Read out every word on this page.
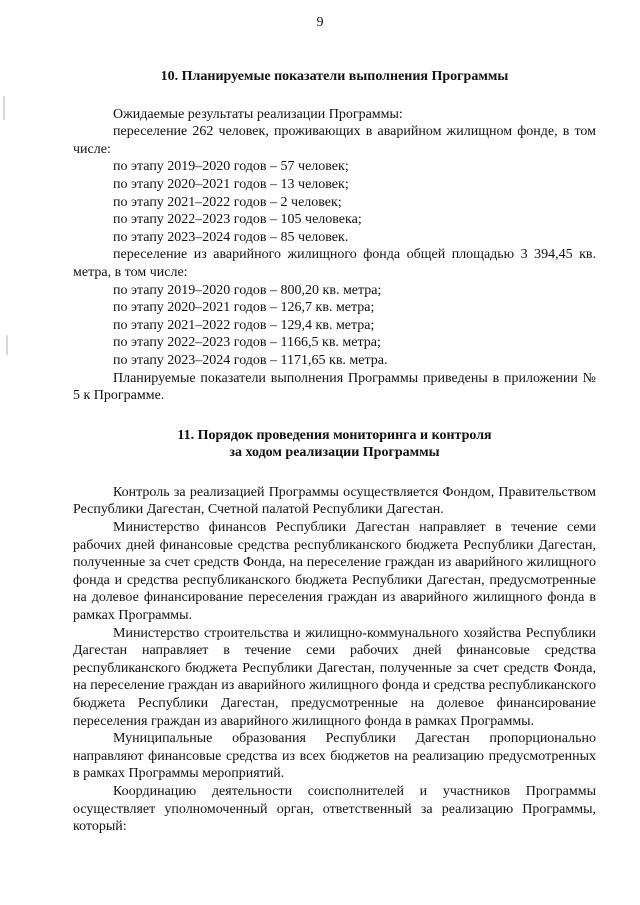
9

10. Планируемые показатели выполнения Программы

Ожидаемые результаты реализации Программы:

переселение 262 человек, проживающих в аварийном жилищном фонде, в том числе:

по этапу 2019–2020 годов – 57 человек;

по этапу 2020–2021 годов – 13 человек;

по этапу 2021–2022 годов – 2 человек;

по этапу 2022–2023 годов – 105 человека;

по этапу 2023–2024 годов – 85 человек.

переселение из аварийного жилищного фонда общей площадью 3 394,45 кв. метра, в том числе:

по этапу 2019–2020 годов – 800,20 кв. метра;

по этапу 2020–2021 годов – 126,7 кв. метра;

по этапу 2021–2022 годов – 129,4 кв. метра;

по этапу 2022–2023 годов – 1166,5 кв. метра;

по этапу 2023–2024 годов – 1171,65 кв. метра.

Планируемые показатели выполнения Программы приведены в приложении № 5 к Программе.

11. Порядок проведения мониторинга и контроля
за ходом реализации Программы

Контроль за реализацией Программы осуществляется Фондом, Правительством Республики Дагестан, Счетной палатой Республики Дагестан.

Министерство финансов Республики Дагестан направляет в течение семи рабочих дней финансовые средства республиканского бюджета Республики Дагестан, полученные за счет средств Фонда, на переселение граждан из аварийного жилищного фонда и средства республиканского бюджета Республики Дагестан, предусмотренные на долевое финансирование переселения граждан из аварийного жилищного фонда в рамках Программы.

Министерство строительства и жилищно-коммунального хозяйства Республики Дагестан направляет в течение семи рабочих дней финансовые средства республиканского бюджета Республики Дагестан, полученные за счет средств Фонда, на переселение граждан из аварийного жилищного фонда и средства республиканского бюджета Республики Дагестан, предусмотренные на долевое финансирование переселения граждан из аварийного жилищного фонда в рамках Программы.

Муниципальные образования Республики Дагестан пропорционально направляют финансовые средства из всех бюджетов на реализацию предусмотренных в рамках Программы мероприятий.

Координацию деятельности соисполнителей и участников Программы осуществляет уполномоченный орган, ответственный за реализацию Программы, который:
